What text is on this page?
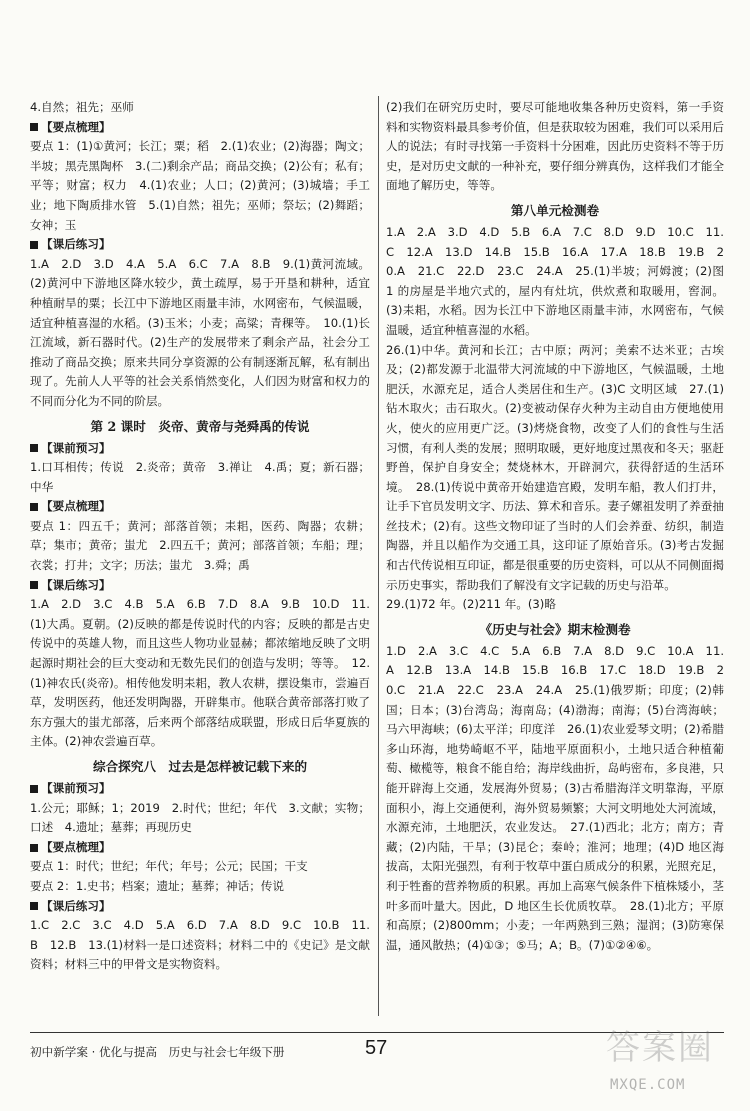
4.自然；祖先；巫师

【要点梳理】

要点 1：(1)①黄河；长江；粟；稻　2.(1)农业；(2)海器；陶文；半坡；黑壳黑陶杯　3.(二)剩余产品；商品交换；(2)公有；私有；平等；财富；权力　4.(1)农业；人口；(2)黄河；(3)城墙；手工业；地下陶质排水管　5.(1)自然；祖先；巫师；祭坛；(2)舞蹈；女神；玉

【课后练习】

1.A　2.D　3.D　4.A　5.A　6.C　7.A　8.B　9.(1)黄河流域。(2)黄河中下游地区降水较少，黄土疏厚，易于开垦和耕种，适宜种植耐旱的粟；长江中下游地区雨量丰沛，水网密布，气候温暖，适宜种植喜湿的水稻。(3)玉米；小麦；高粱；青稞等。　10.(1)长江流域，新石器时代。(2)生产的发展带来了剩余产品，社会分工推动了商品交换；原来共同分享资源的公有制逐渐瓦解，私有制出现了。先前人人平等的社会关系悄然变化，人们因为财富和权力的不同而分化为不同的阶层。

第 2 课时　炎帝、黄帝与尧舜禹的传说
【课前预习】

1.口耳相传；传说　2.炎帝；黄帝　3.禅让　4.禹；夏；新石器；中华

【要点梳理】

要点 1：四五千；黄河；部落首领；耒耜，医药、陶器；农耕；草；集市；黄帝；蚩尤　2.四五千；黄河；部落首领；车船；理；衣裳；打井；文字；历法；蚩尤　3.舜；禹

【课后练习】

1.A　2.D　3.C　4.B　5.A　6.B　7.D　8.A　9.B　10.D　11.(1)大禹。夏朝。(2)反映的都是传说时代的内容；反映的都是古史传说中的英雄人物，而且这些人物功业显赫；都浓缩地反映了文明起源时期社会的巨大变动和无数先民们的创造与发明；等等。　12.(1)神农氏(炎帝)。相传他发明耒耜，教人农耕，摆设集市，尝遍百草，发明医药，他还发明陶器，开辟集市。他联合黄帝部落打败了东方强大的蚩尤部落，后来两个部落结成联盟，形成日后华夏族的主体。(2)神农尝遍百草。

综合探究八　过去是怎样被记载下来的
【课前预习】

1.公元；耶稣；1；2019　2.时代；世纪；年代　3.文献；实物；口述　4.遗址；墓葬；再现历史

【要点梳理】

要点 1：时代；世纪；年代；年号；公元；民国；干支

要点 2：1.史书；档案；遗址；墓葬；神话；传说

【课后练习】

1.C　2.C　3.C　4.D　5.A　6.D　7.A　8.D　9.C　10.B　11.B　12.B　13.(1)材料一是口述资料；材料二中的《史记》是文献资料；材料三中的甲骨文是实物资料。

(2)我们在研究历史时，要尽可能地收集各种历史资料，第一手资料和实物资料最具参考价值，但是获取较为困难，我们可以采用后人的说法；有时寻找第一手资料十分困难，因此历史资料不等于历史，是对历史文献的一种补充，要仔细分辨真伪，这样我们才能全面地了解历史，等等。

第八单元检测卷

1.A　2.A　3.D　4.D　5.B　6.A　7.C　8.D　9.D　10.C　11.C　12.A　13.D　14.B　15.B　16.A　17.A　18.B　19.B　20.A　21.C　22.D　23.C　24.A　25.(1)半坡；河姆渡；(2)图 1 的房屋是半地穴式的，屋内有灶坑，供炊煮和取暖用，窖洞。(3)耒耜，水稻。因为长江中下游地区雨量丰沛，水网密布，气候温暖，适宜种植喜湿的水稻。

26.(1)中华。黄河和长江；古中原；两河；美索不达米亚；古埃及；(2)都发源于北温带大河流域的中下游地区，气候温暖，土地肥沃，水源充足，适合人类居住和生产。(3)C 文明区域　27.(1)钻木取火；击石取火。(2)变被动保存火种为主动自由方便地使用火，使火的应用更广泛。(3)烤烧食物，改变了人们的食性与生活习惯，有利人类的发展；照明取暖，更好地度过黑夜和冬天；驱赶野兽，保护自身安全；焚烧林木，开辟洞穴，获得舒适的生活环境。　28.(1)传说中黄帝开始建造宫殿，发明车船，教人们打井，让手下官员发明文字、历法、算术和音乐。妻子嫘祖发明了养蚕抽丝技术；(2)有。这些文物印证了当时的人们会养蚕、纺织，制造陶器，并且以船作为交通工具，这印证了原始音乐。(3)考古发掘和古代传说相互印证，都是很重要的历史资料，可以从不同侧面揭示历史事实，帮助我们了解没有文字记载的历史与沿革。

29.(1)72 年。(2)211 年。(3)略

《历史与社会》期末检测卷

1.D　2.A　3.C　4.C　5.A　6.B　7.A　8.D　9.C　10.A　11.A　12.B　13.A　14.B　15.B　16.B　17.C　18.D　19.B　20.C　21.A　22.C　23.A　24.A　25.(1)俄罗斯；印度；(2)韩国；日本；(3)台湾岛；海南岛；(4)渤海；南海；(5)台湾海峡；马六甲海峡；(6)太平洋；印度洋　26.(1)农业爱琴文明；(2)希腊多山环海，地势崎岖不平，陆地平原面积小，土地只适合种植葡萄、橄榄等，粮食不能自给；海岸线曲折，岛屿密布，多良港，只能开辟海上交通，发展海外贸易；(3)古希腊海洋文明靠海，平原面积小，海上交通便利，海外贸易频繁；大河文明地处大河流域，水源充沛，土地肥沃，农业发达。　27.(1)西北；北方；南方；青藏；(2)内陆，干旱；(3)昆仑；秦岭；淮河；地理；(4)D 地区海拔高，太阳光强烈，有利于牧草中蛋白质成分的积累，光照充足，利于牲畜的营养物质的积累。再加上高寒气候条件下植株矮小，茎叶多而叶量大。因此，D 地区生长优质牧草。　28.(1)北方；平原和高原；(2)800mm；小麦；一年两熟到三熟；湿润；(3)防寒保温，通风散热；(4)①③；⑤马；A；B。(7)①②④⑥。

初中新学案 · 优化与提高　历史与社会七年级下册	57	答案圈
MXQE.COM
